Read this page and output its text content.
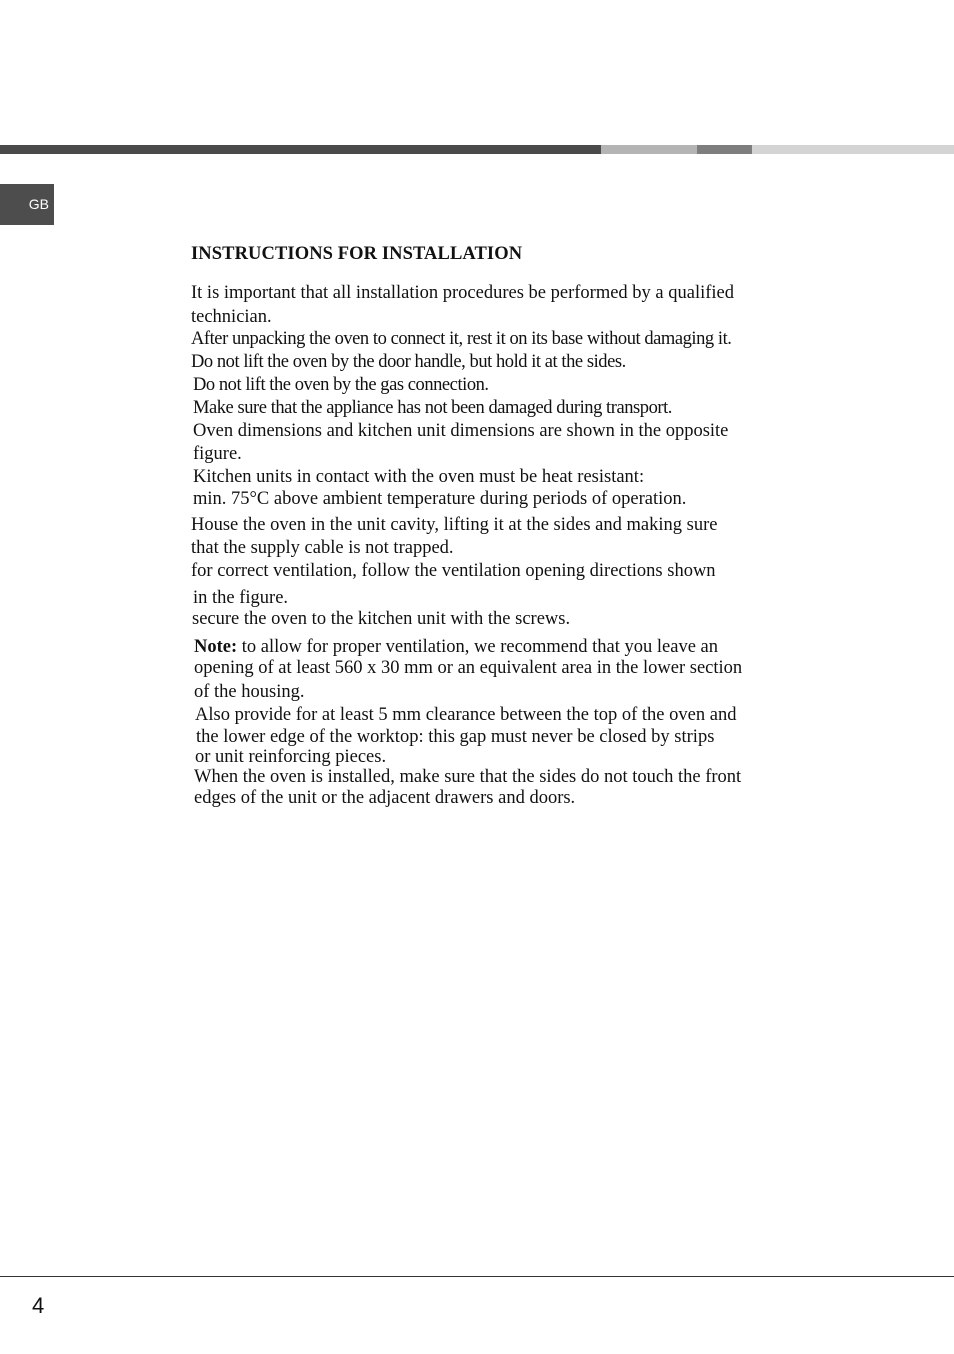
GB
INSTRUCTIONS FOR INSTALLATION

It is important that all installation procedures be performed by a qualified

technician.

After unpacking the oven to connect it, rest it on its base without damaging it.

Do not lift the oven by the door handle, but hold it at the sides.

Do not lift the oven by the gas connection.

Make sure that the appliance has not been damaged during transport.

Oven dimensions and kitchen unit dimensions are shown in the opposite

figure.

Kitchen units in contact with the oven must be heat resistant:

min. 75°C above ambient temperature during periods of operation.

House the oven in the unit cavity, lifting it at the sides and making sure

that the supply cable is not trapped.

for correct ventilation, follow the ventilation opening directions shown

in the figure.

secure the oven to the kitchen unit with the screws.

Note: to allow for proper ventilation, we recommend that you leave an

opening of at least 560 x 30 mm or an equivalent area in the lower section

of the housing.

Also provide for at least 5 mm clearance between the top of the oven and

the lower edge of the worktop: this gap must never be closed by strips

or unit reinforcing pieces.

When the oven is installed, make sure that the sides do not touch the front

edges of the unit or the adjacent drawers and doors.

4
